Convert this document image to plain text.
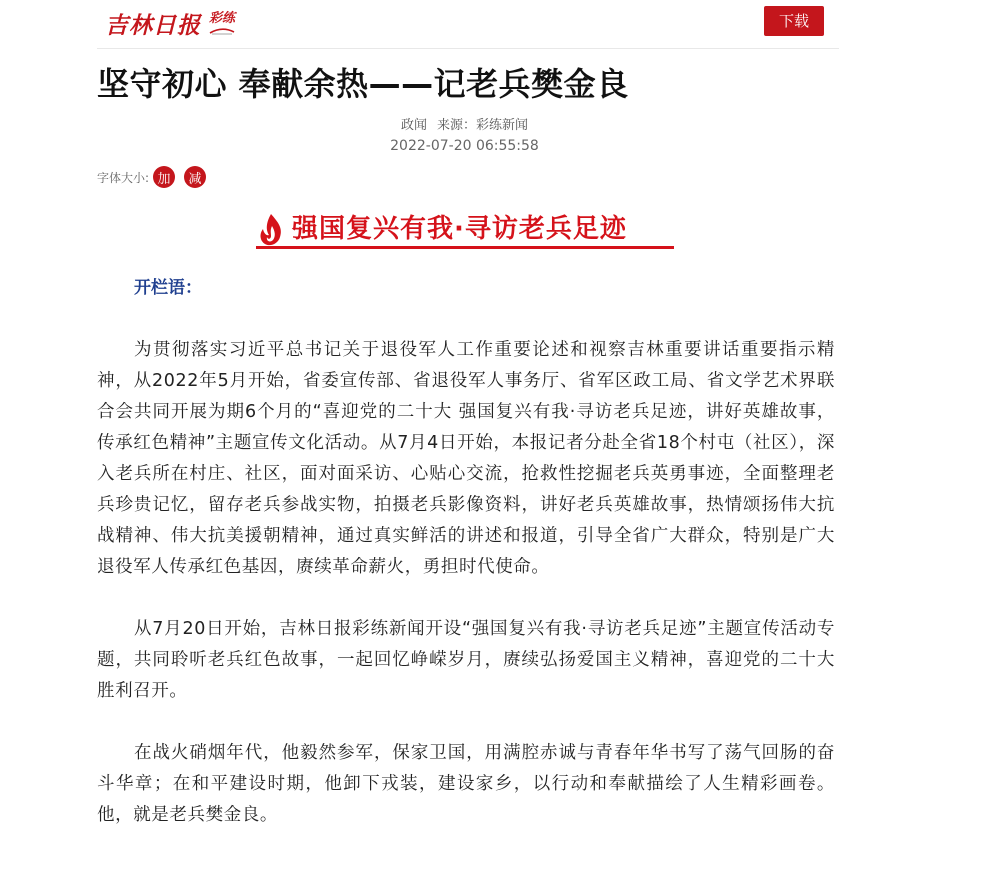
吉林日报 彩练	下载
坚守初心 奉献余热——记老兵樊金良
政闻 来源：彩练新闻
2022-07-20 06:55:58
字体大小: 加	减
强国复兴有我·寻访老兵足迹

开栏语：

为贯彻落实习近平总书记关于退役军人工作重要论述和视察吉林重要讲话重要指示精神，从2022年5月开始，省委宣传部、省退役军人事务厅、省军区政工局、省文学艺术界联合会共同开展为期6个月的“喜迎党的二十大 强国复兴有我·寻访老兵足迹，讲好英雄故事，传承红色精神”主题宣传文化活动。从7月4日开始，本报记者分赴全省18个村屯（社区），深入老兵所在村庄、社区，面对面采访、心贴心交流，抢救性挖掘老兵英勇事迹，全面整理老兵珍贵记忆，留存老兵参战实物，拍摄老兵影像资料，讲好老兵英雄故事，热情颂扬伟大抗战精神、伟大抗美援朝精神，通过真实鲜活的讲述和报道，引导全省广大群众，特别是广大退役军人传承红色基因，赓续革命薪火，勇担时代使命。

从7月20日开始，吉林日报彩练新闻开设“强国复兴有我·寻访老兵足迹”主题宣传活动专题，共同聆听老兵红色故事，一起回忆峥嵘岁月，赓续弘扬爱国主义精神，喜迎党的二十大胜利召开。

在战火硝烟年代，他毅然参军，保家卫国，用满腔赤诚与青春年华书写了荡气回肠的奋斗华章；在和平建设时期，他卸下戎装，建设家乡，以行动和奉献描绘了人生精彩画卷。他，就是老兵樊金良。
